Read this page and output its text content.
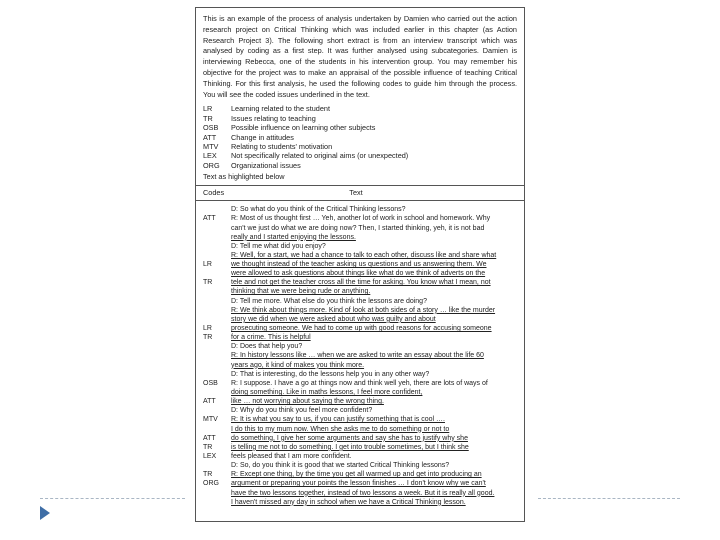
This is an example of the process of analysis undertaken by Damien who carried out the action research project on Critical Thinking which was included earlier in this chapter (as Action Research Project 3). The following short extract is from an interview transcript which was analysed by coding as a first step. It was further analysed using subcategories. Damien is interviewing Rebecca, one of the students in his intervention group. You may remember his objective for the project was to make an appraisal of the possible influence of teaching Critical Thinking. For this first analysis, he used the following codes to guide him through the process. You will see the coded issues underlined in the text.
LR	Learning related to the student
TR	Issues relating to teaching
OSB	Possible influence on learning other subjects
ATT	Change in attitudes
MTV	Relating to students' motivation
LEX	Not specifically related to original aims (or unexpected)
ORG	Organizational issues
Text as highlighted below
Codes	Text
D: So what do you think of the Critical Thinking lessons?
ATT	R: Most of us thought first … Yeh, another lot of work in school and homework. Why
can't we just do what we are doing now? Then, I started thinking, yeh, it is not bad
really and I started enjoying the lessons.
D: Tell me what did you enjoy?
R: Well, for a start, we had a chance to talk to each other, discuss like and share what
LR	we thought instead of the teacher asking us questions and us answering them. We
were allowed to ask questions about things like what do we think of adverts on the
TR	tele and not get the teacher cross all the time for asking. You know what I mean, not
thinking that we were being rude or anything.
D: Tell me more. What else do you think the lessons are doing?
R: We think about things more. Kind of look at both sides of a story … like the murder
story we did when we were asked about who was guilty and about
LR	prosecuting someone. We had to come up with good reasons for accusing someone
TR	for a crime. This is helpful
D: Does that help you?
R: In history lessons like … when we are asked to write an essay about the life 60
years ago, it kind of makes you think more.
D: That is interesting, do the lessons help you in any other way?
OSB	R: I suppose. I have a go at things now and think well yeh, there are lots of ways of
doing something. Like in maths lessons, I feel more confident,
ATT	like … not worrying about saying the wrong thing.
D: Why do you think you feel more confident?
MTV	R: It is what you say to us, if you can justify something that is cool ….
I do this to my mum now. When she asks me to do something or not to
ATT	do something, I give her some arguments and say she has to justify why she
TR	is telling me not to do something. I get into trouble sometimes, but I think she
LEX	feels pleased that I am more confident.
D: So, do you think it is good that we started Critical Thinking lessons?
TR	R: Except one thing, by the time you get all warmed up and get into producing an
ORG	argument or preparing your points the lesson finishes … I don't know why we can't
have the two lessons together, instead of two lessons a week. But it is really all good.
I haven't missed any day in school when we have a Critical Thinking lesson.
